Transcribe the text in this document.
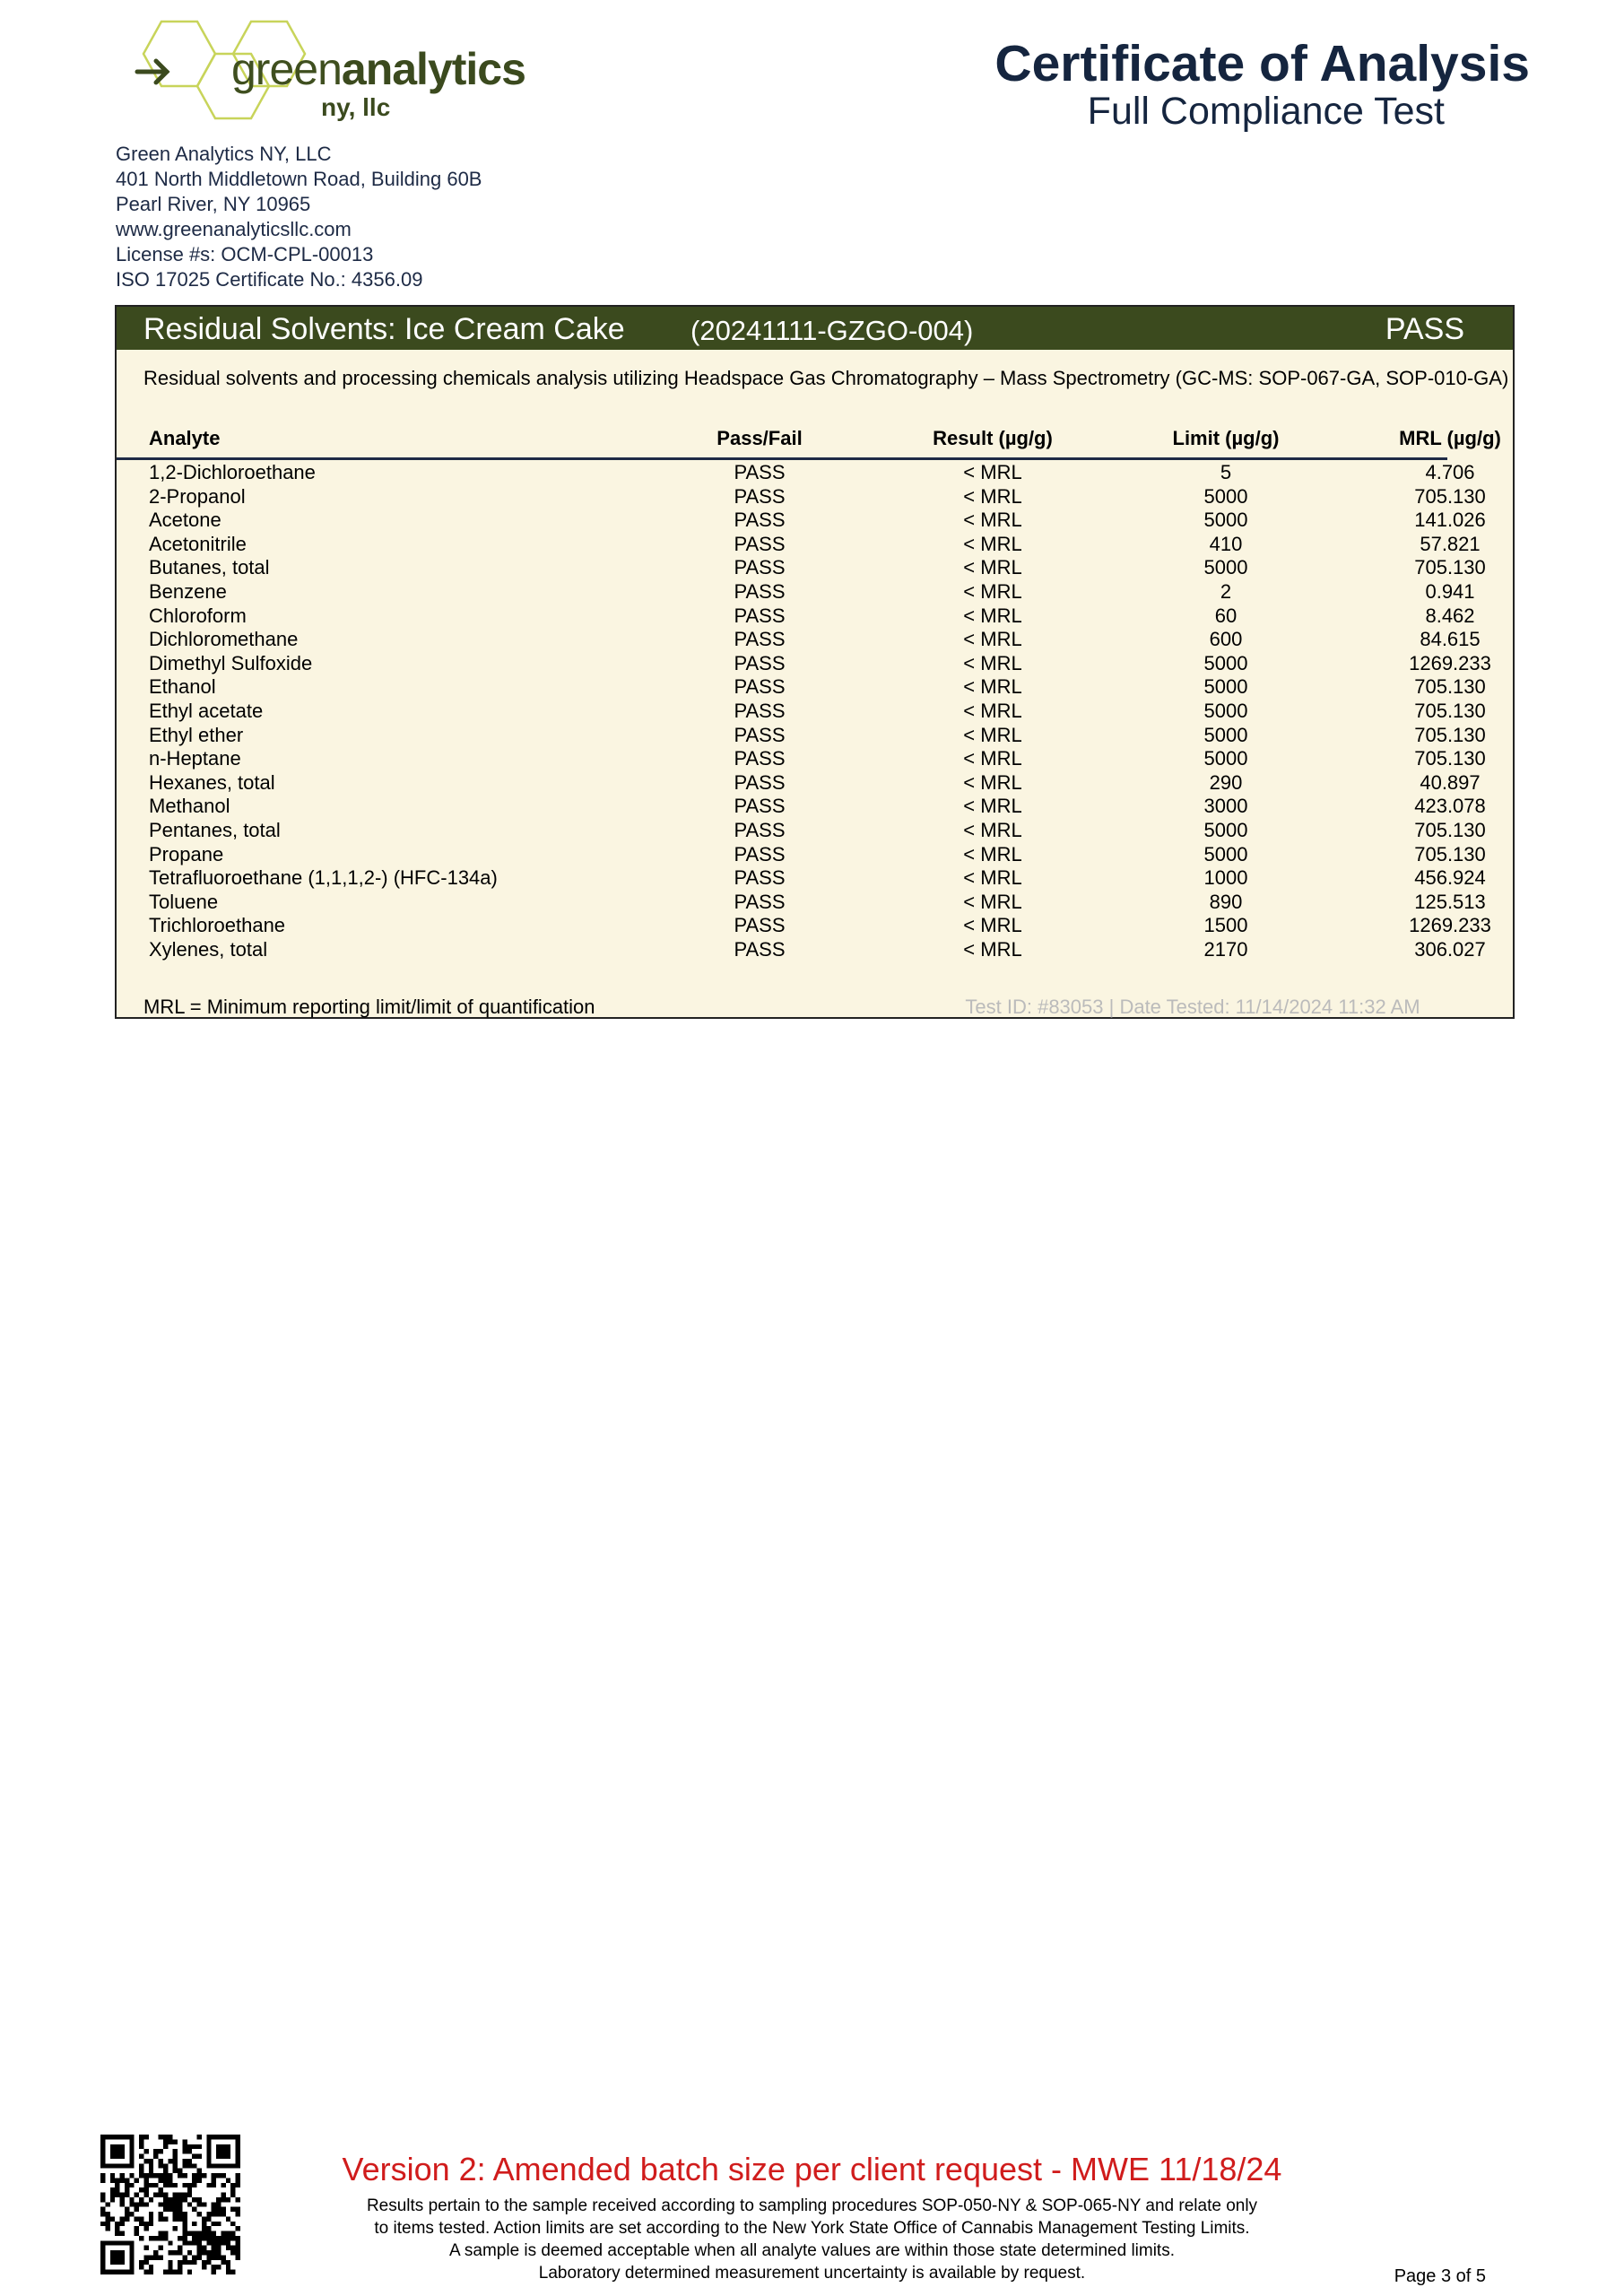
greenanalytics
ny, llc
Certificate of Analysis
Full Compliance Test
Green Analytics NY, LLC
401 North Middletown Road, Building 60B
Pearl River, NY 10965
www.greenanalyticsllc.com
License #s: OCM-CPL-00013
ISO 17025 Certificate No.: 4356.09
Residual Solvents: Ice Cream Cake (20241111-GZGO-004)	PASS
Residual solvents and processing chemicals analysis utilizing Headspace Gas Chromatography – Mass Spectrometry (GC-MS: SOP-067-GA, SOP-010-GA)
Analyte	Pass/Fail	Result (µg/g)	Limit (µg/g)	MRL (µg/g)
1,2-Dichloroethane	PASS	< MRL	5	4.706
2-Propanol	PASS	< MRL	5000	705.130
Acetone	PASS	< MRL	5000	141.026
Acetonitrile	PASS	< MRL	410	57.821
Butanes, total	PASS	< MRL	5000	705.130
Benzene	PASS	< MRL	2	0.941
Chloroform	PASS	< MRL	60	8.462
Dichloromethane	PASS	< MRL	600	84.615
Dimethyl Sulfoxide	PASS	< MRL	5000	1269.233
Ethanol	PASS	< MRL	5000	705.130
Ethyl acetate	PASS	< MRL	5000	705.130
Ethyl ether	PASS	< MRL	5000	705.130
n-Heptane	PASS	< MRL	5000	705.130
Hexanes, total	PASS	< MRL	290	40.897
Methanol	PASS	< MRL	3000	423.078
Pentanes, total	PASS	< MRL	5000	705.130
Propane	PASS	< MRL	5000	705.130
Tetrafluoroethane (1,1,1,2-) (HFC-134a)	PASS	< MRL	1000	456.924
Toluene	PASS	< MRL	890	125.513
Trichloroethane	PASS	< MRL	1500	1269.233
Xylenes, total	PASS	< MRL	2170	306.027
MRL = Minimum reporting limit/limit of quantification	Test ID: #83053 | Date Tested: 11/14/2024 11:32 AM
Version 2: Amended batch size per client request - MWE 11/18/24
Results pertain to the sample received according to sampling procedures SOP-050-NY & SOP-065-NY and relate only
to items tested. Action limits are set according to the New York State Office of Cannabis Management Testing Limits.
A sample is deemed acceptable when all analyte values are within those state determined limits.
Laboratory determined measurement uncertainty is available by request.	Page 3 of 5
